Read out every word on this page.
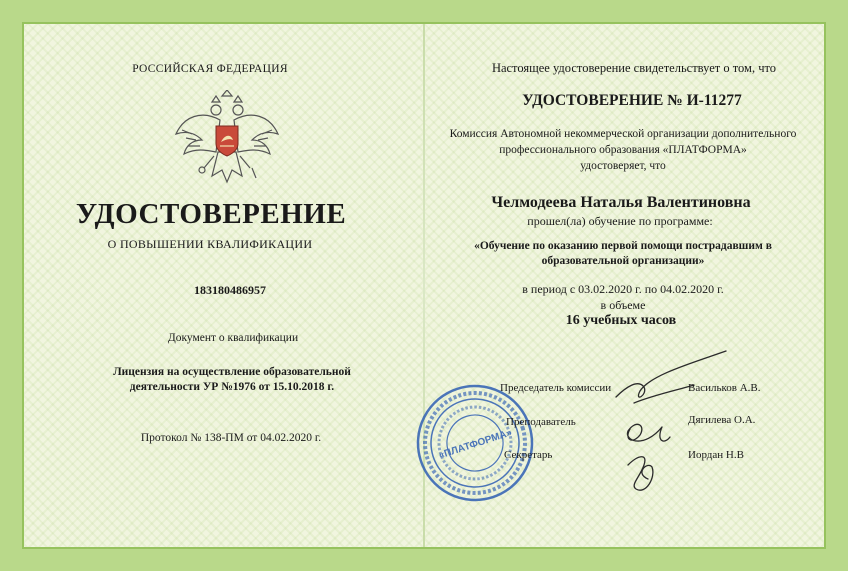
РОССИЙСКАЯ ФЕДЕРАЦИЯ
УДОСТОВЕРЕНИЕ
О ПОВЫШЕНИИ КВАЛИФИКАЦИИ
183180486957
Документ о квалификации
Лицензия на осуществление образовательной
деятельности УР №1976 от 15.10.2018 г.
Протокол № 138-ПМ от 04.02.2020 г.
Настоящее удостоверение свидетельствует о том, что
УДОСТОВЕРЕНИЕ № И-11277
Комиссия Автономной некоммерческой организации дополнительного
профессионального образования «ПЛАТФОРМА»
удостоверяет, что
Челмодеева Наталья Валентиновна
прошел(ла) обучение по программе:
«Обучение по оказанию первой помощи пострадавшим в
образовательной организации»
в период с 03.02.2020 г. по 04.02.2020 г.
в объеме
16 учебных часов
«ПЛАТФОРМА»
Председатель комиссии	Васильков А.В.
Преподаватель	Дягилева О.А.
Секретарь	Иордан Н.В
